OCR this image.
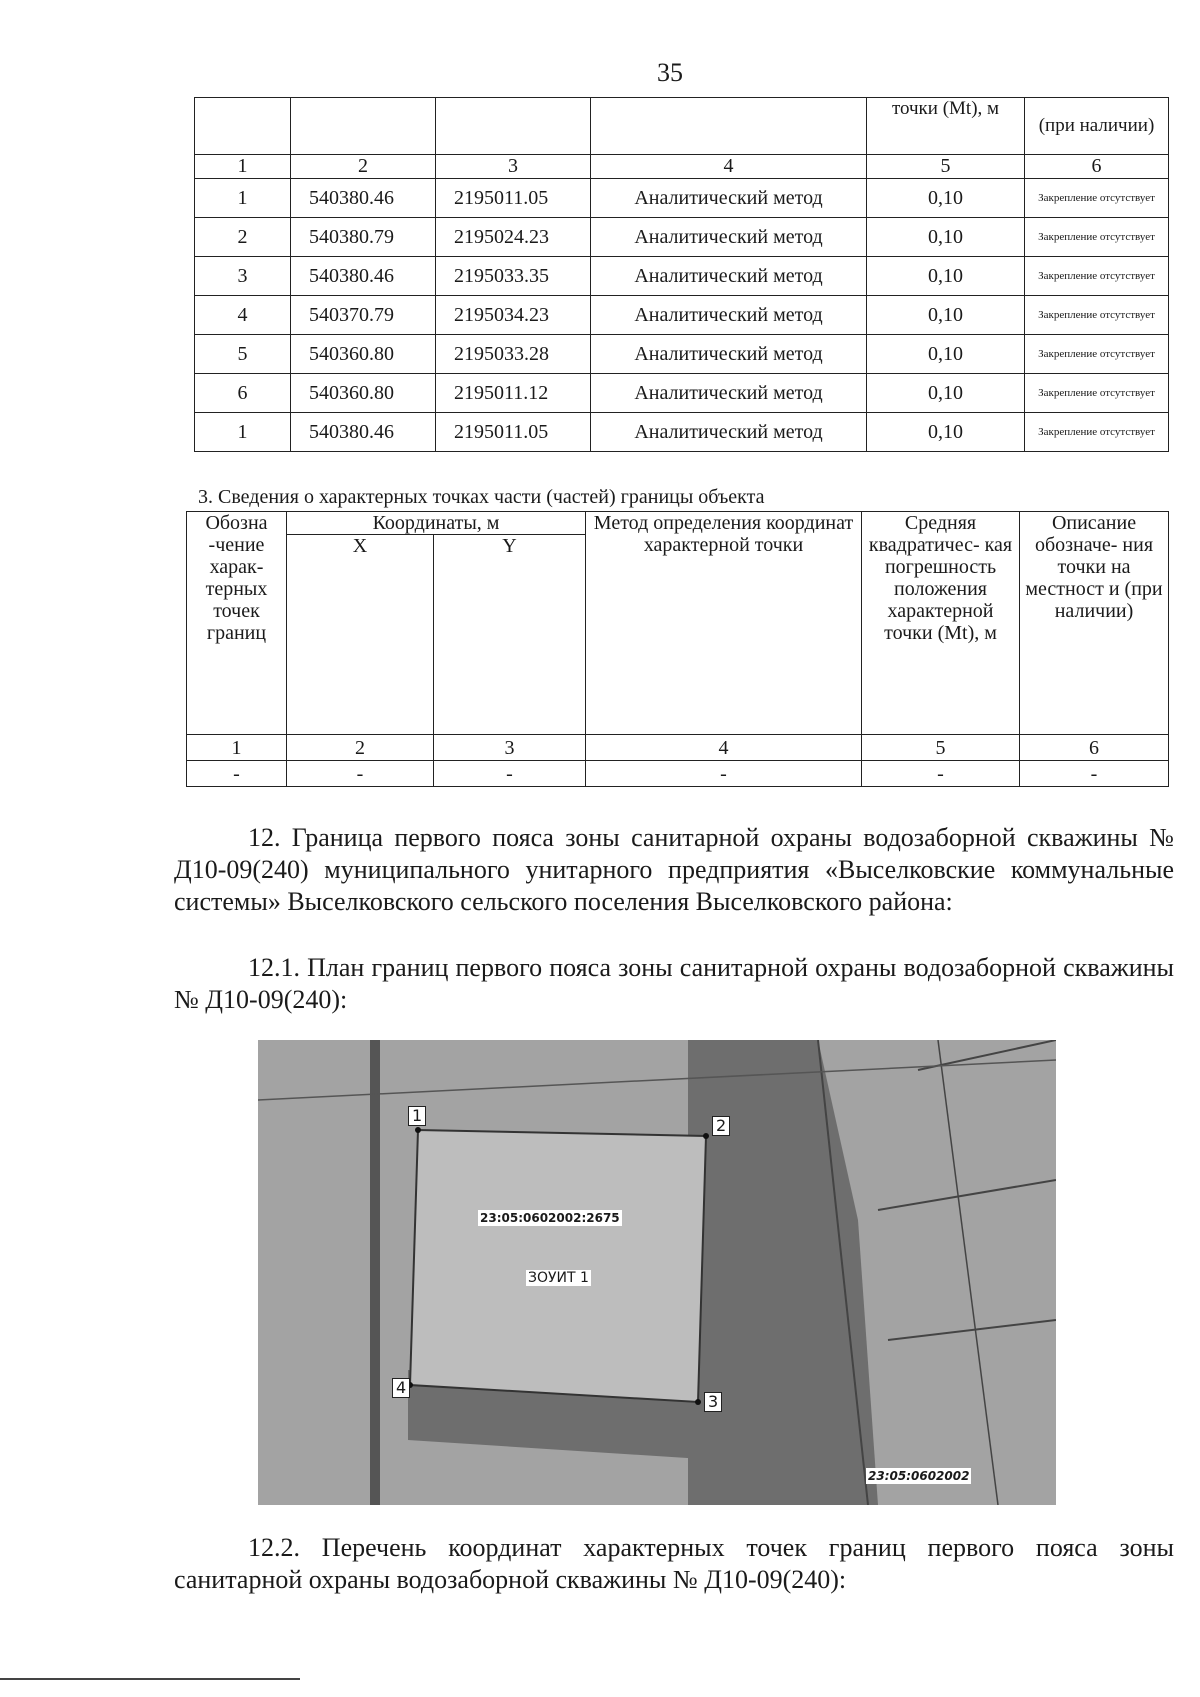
35
				точки (Mt), м	(при наличии)
1	2	3	4	5	6
1	540380.46	2195011.05	Аналитический метод	0,10	Закрепление отсутствует
2	540380.79	2195024.23	Аналитический метод	0,10	Закрепление отсутствует
3	540380.46	2195033.35	Аналитический метод	0,10	Закрепление отсутствует
4	540370.79	2195034.23	Аналитический метод	0,10	Закрепление отсутствует
5	540360.80	2195033.28	Аналитический метод	0,10	Закрепление отсутствует
6	540360.80	2195011.12	Аналитический метод	0,10	Закрепление отсутствует
1	540380.46	2195011.05	Аналитический метод	0,10	Закрепление отсутствует
3. Сведения о характерных точках части (частей) границы объекта
Обозна -чение харак- терных точек границ	Координаты, м		Метод определения координат характерной точки	Средняя квадратичес- кая погрешность положения характерной точки (Mt), м	Описание обозначе- ния точки на местност и (при наличии)
	X	Y			
1	2	3	4	5	6
-	-	-	-	-	-
12. Граница первого пояса зоны санитарной охраны водозаборной скважины № Д10-09(240) муниципального унитарного предприятия «Выселковские коммунальные системы» Выселковского сельского поселения Выселковского района:
12.1. План границ первого пояса зоны санитарной охраны водозаборной скважины № Д10-09(240):
1
2
3
4
23:05:0602002:2675
ЗОУИТ 1
23:05:0602002
12.2. Перечень координат характерных точек границ первого пояса зоны санитарной охраны водозаборной скважины № Д10-09(240):
